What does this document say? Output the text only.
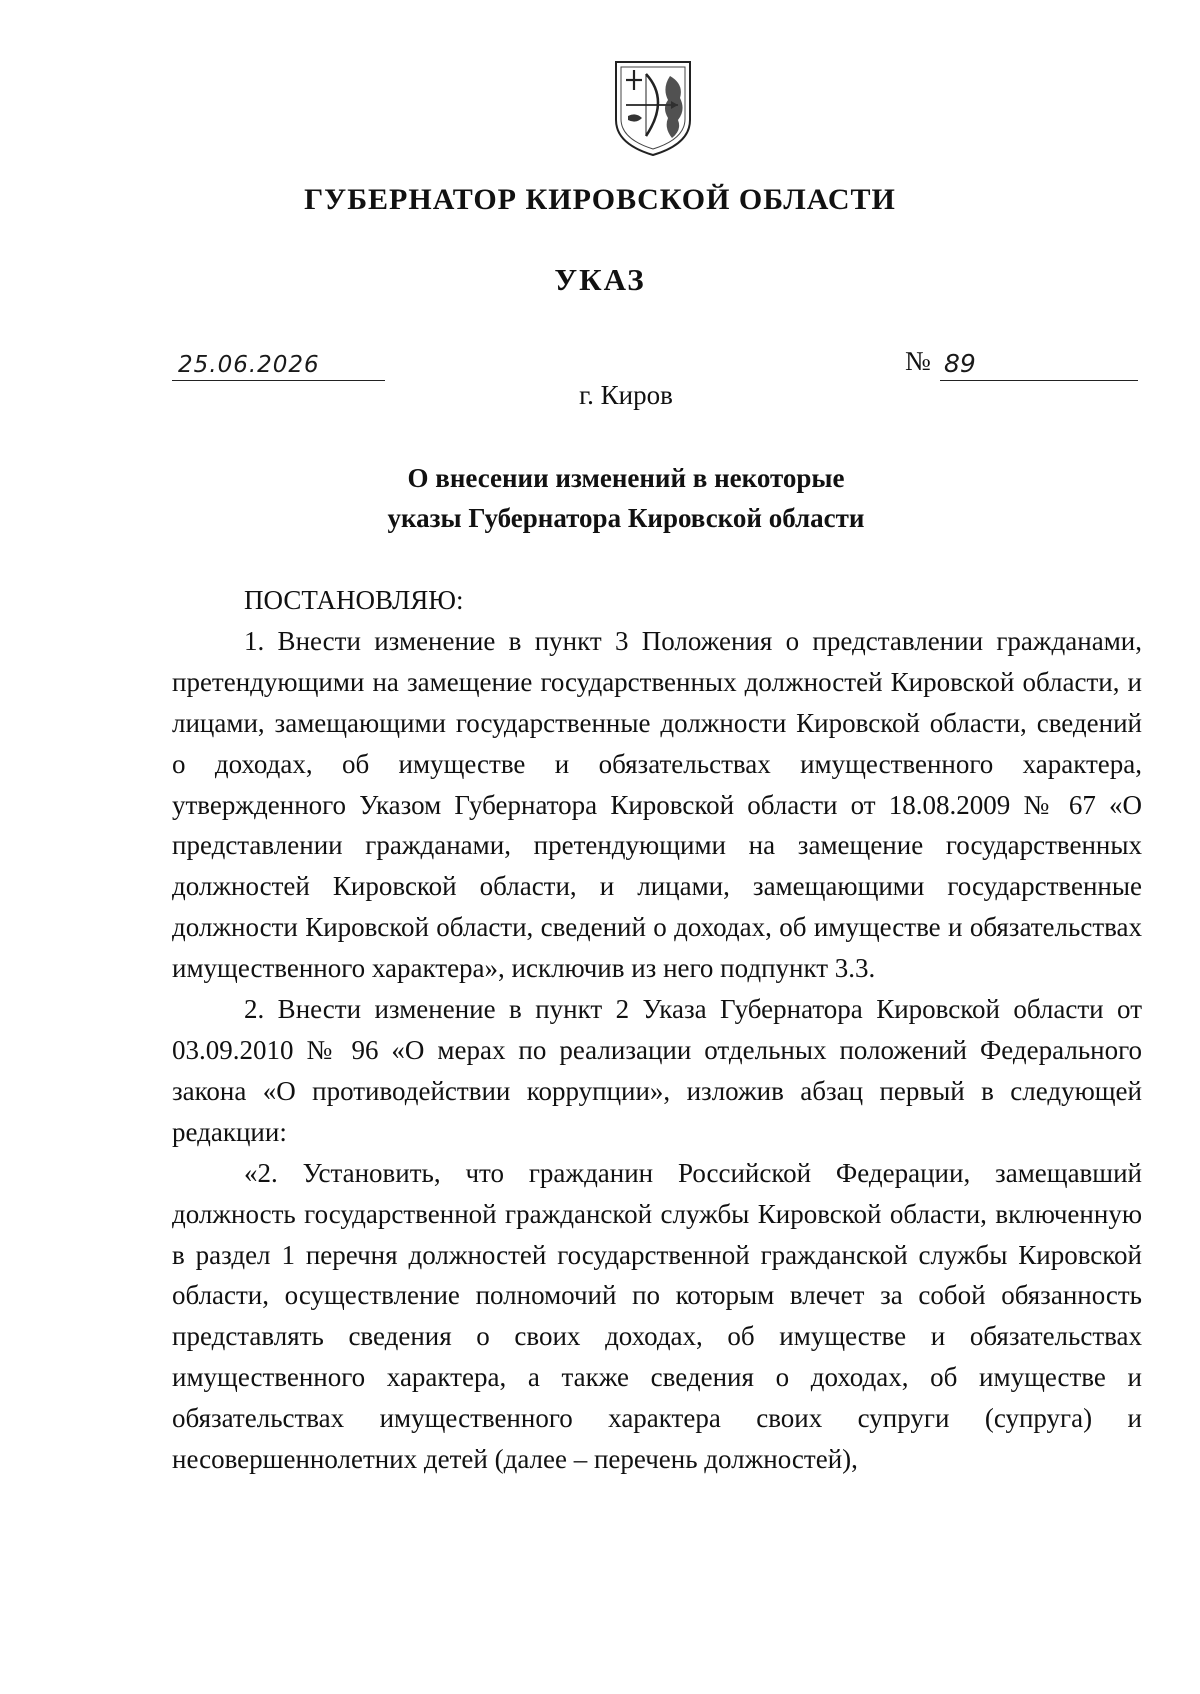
ГУБЕРНАТОР КИРОВСКОЙ ОБЛАСТИ
УКАЗ
25.06.2026	№ 89
г. Киров
О внесении изменений в некоторые
указы Губернатора Кировской области

ПОСТАНОВЛЯЮ:

1. Внести изменение в пункт 3 Положения о представлении гражданами, претендующими на замещение государственных должностей Кировской области, и лицами, замещающими государственные должности Кировской области, сведений о доходах, об имуществе и обязательствах имущественного характера, утвержденного Указом Губернатора Кировской области от 18.08.2009 № 67 «О представлении гражданами, претендующими на замещение государственных должностей Кировской области, и лицами, замещающими государственные должности Кировской области, сведений о доходах, об имуществе и обязательствах имущественного характера», исключив из него подпункт 3.3.

2. Внести изменение в пункт 2 Указа Губернатора Кировской области от 03.09.2010 № 96 «О мерах по реализации отдельных положений Федерального закона «О противодействии коррупции», изложив абзац первый в следующей редакции:

«2. Установить, что гражданин Российской Федерации, замещавший должность государственной гражданской службы Кировской области, включенную в раздел 1 перечня должностей государственной гражданской службы Кировской области, осуществление полномочий по которым влечет за собой обязанность представлять сведения о своих доходах, об имуществе и обязательствах имущественного характера, а также сведения о доходах, об имуществе и обязательствах имущественного характера своих супруги (супруга) и несовершеннолетних детей (далее – перечень должностей),
